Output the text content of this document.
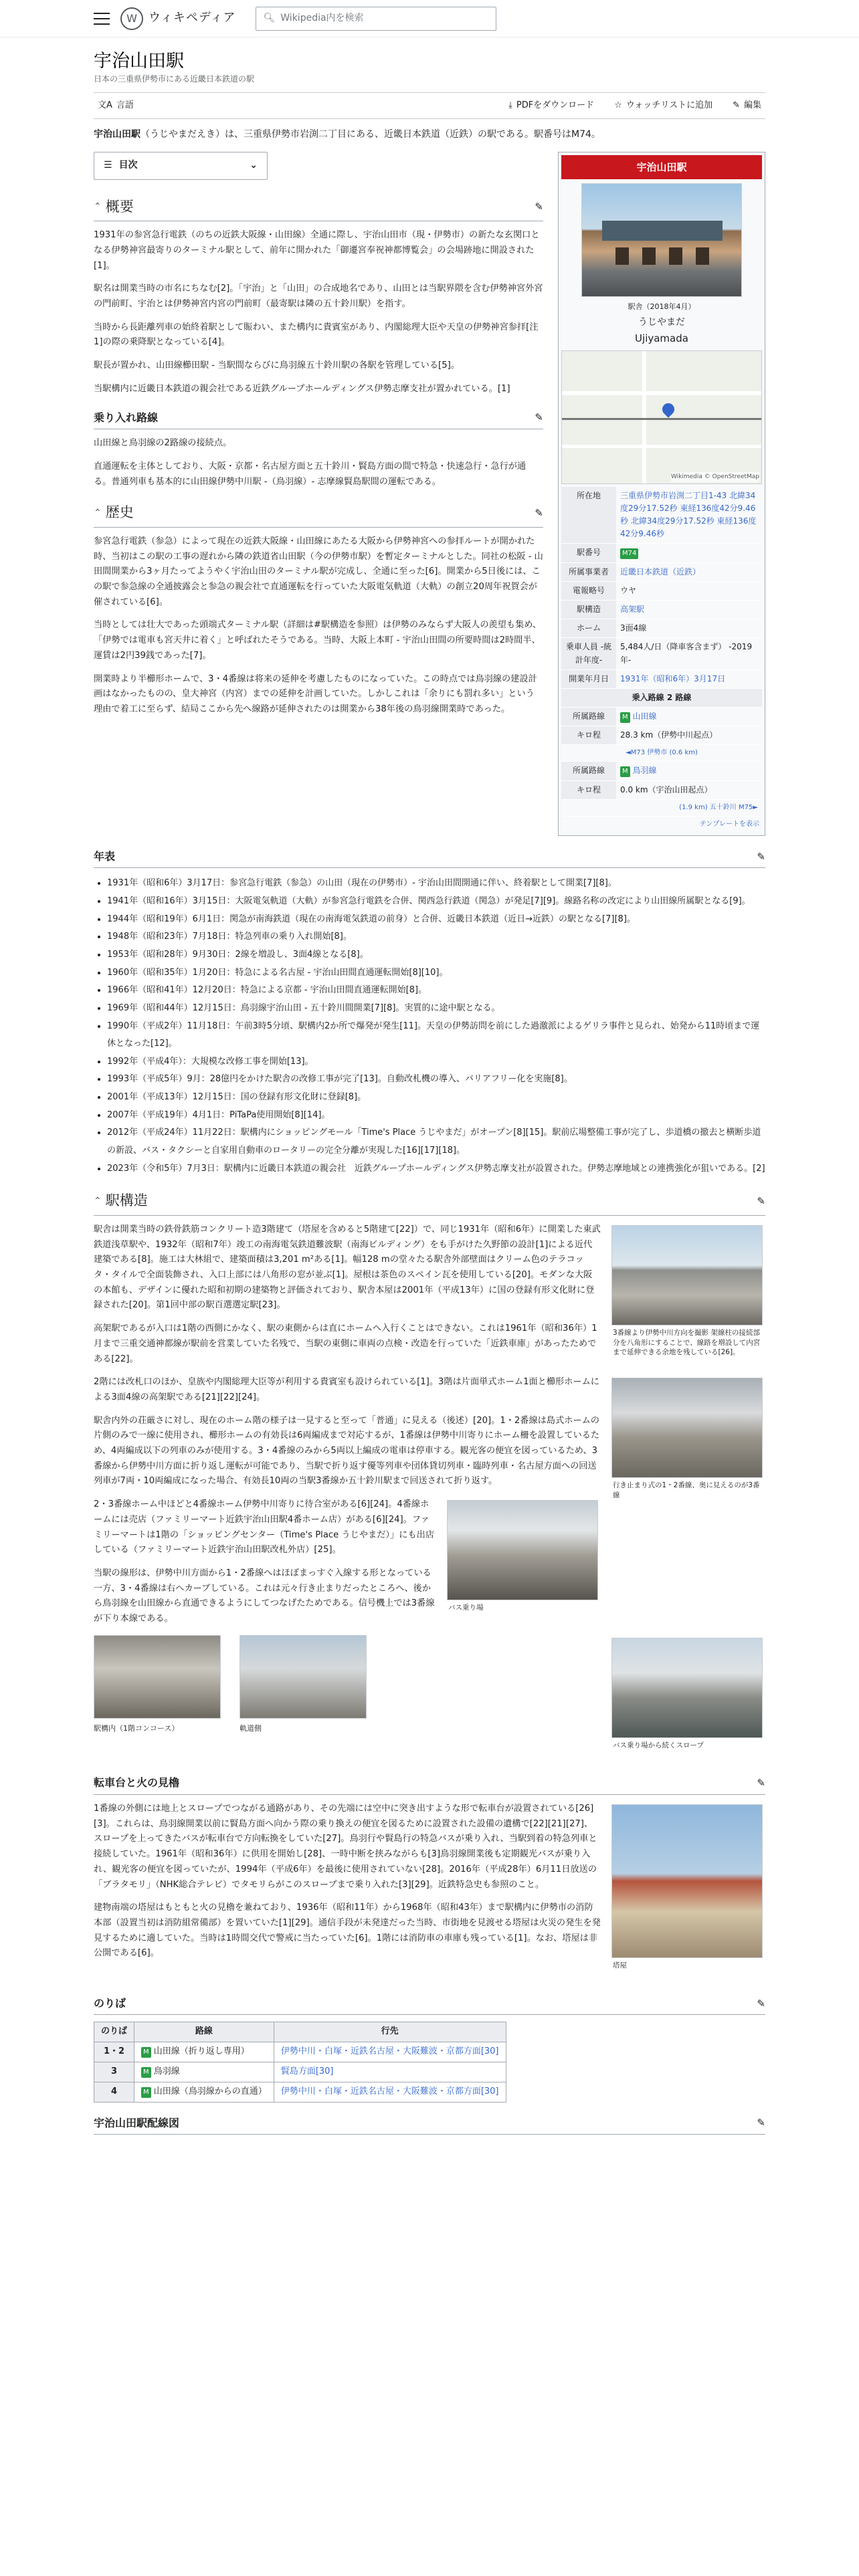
W ウィキペディア	🔍︎ Wikipedia内を検索
宇治山田駅
日本の三重県伊勢市にある近畿日本鉄道の駅
文A 言語	⤓ PDFをダウンロード ☆ ウォッチリストに追加 ✎ 編集

宇治山田駅（うじやまだえき）は、三重県伊勢市岩渕二丁目にある、近畿日本鉄道（近鉄）の駅である。駅番号はM74。

☰ 目次	⌄
⌃ 概要	✎

1931年の参宮急行電鉄（のちの近鉄大阪線・山田線）全通に際し、宇治山田市（現・伊勢市）の新たな玄関口となる伊勢神宮最寄りのターミナル駅として、前年に開かれた「御遷宮奉祝神都博覧会」の会場跡地に開設された[1]。

駅名は開業当時の市名にちなむ[2]。「宇治」と「山田」の合成地名であり、山田とは当駅界隈を含む伊勢神宮外宮の門前町、宇治とは伊勢神宮内宮の門前町（最寄駅は隣の五十鈴川駅）を指す。

当時から長距離列車の始終着駅として賑わい、また構内に貴賓室があり、内閣総理大臣や天皇の伊勢神宮参拝[注 1]の際の乗降駅となっている[4]。

駅長が置かれ、山田線櫛田駅 - 当駅間ならびに鳥羽線五十鈴川駅の各駅を管理している[5]。

当駅構内に近畿日本鉄道の親会社である近鉄グループホールディングス伊勢志摩支社が置かれている。[1]

乗り入れ路線	✎

山田線と鳥羽線の2路線の接続点。

直通運転を主体としており、大阪・京都・名古屋方面と五十鈴川・賢島方面の間で特急・快速急行・急行が通る。普通列車も基本的に山田線伊勢中川駅 -（鳥羽線）- 志摩線賢島駅間の運転である。

⌃ 歴史	✎

参宮急行電鉄（参急）によって現在の近鉄大阪線・山田線にあたる大阪から伊勢神宮への参拝ルートが開かれた時、当初はこの駅の工事の遅れから隣の鉄道省山田駅（今の伊勢市駅）を暫定ターミナルとした。同社の松阪 - 山田間開業から3ヶ月たってようやく宇治山田のターミナル駅が完成し、全通に至った[6]。開業から5日後には、この駅で参急線の全通披露会と参急の親会社で直通運転を行っていた大阪電気軌道（大軌）の創立20周年祝賀会が催されている[6]。

当時としては壮大であった頭端式ターミナル駅（詳細は#駅構造を参照）は伊勢のみならず大阪人の羨望も集め、「伊勢では電車も宮天井に着く」と呼ばれたそうである。当時、大阪上本町 - 宇治山田間の所要時間は2時間半、運賃は2円39銭であった[7]。

開業時より半櫛形ホームで、3・4番線は将来の延伸を考慮したものになっていた。この時点では鳥羽線の建設計画はなかったものの、皇大神宮（内宮）までの延伸を計画していた。しかしこれは「余りにも罰れ多い」という理由で着工に至らず、結局ここから先へ線路が延伸されたのは開業から38年後の鳥羽線開業時であった。

宇治山田駅
駅舎（2018年4月）
うじやまだ
Ujiyamada
Wikimedia © OpenStreetMap
所在地	三重県伊勢市岩渕二丁目1-43 北緯34度29分17.52秒 東経136度42分9.46秒 北緯34度29分17.52秒 東経136度42分9.46秒
駅番号	M74
所属事業者	近畿日本鉄道（近鉄）
電報略号	ウヤ
駅構造	高架駅
ホーム	3面4線
乗車人員 -統計年度-	5,484人/日（降車客含まず） -2019年-
開業年月日	1931年（昭和6年）3月17日
乗入路線 2 路線	
所属路線	M 山田線
キロ程	28.3 km（伊勢中川起点）
◄M73 伊勢市 (0.6 km)	
所属路線	M 鳥羽線
キロ程	0.0 km（宇治山田起点）
(1.9 km) 五十鈴川 M75►	
テンプレートを表示
年表	✎
• 1931年（昭和6年）3月17日：参宮急行電鉄（参急）の山田（現在の伊勢市）- 宇治山田間開通に伴い、終着駅として開業[7][8]。
• 1941年（昭和16年）3月15日：大阪電気軌道（大軌）が参宮急行電鉄を合併、関西急行鉄道（関急）が発足[7][9]。線路名称の改定により山田線所属駅となる[9]。
• 1944年（昭和19年）6月1日：関急が南海鉄道（現在の南海電気鉄道の前身）と合併、近畿日本鉄道（近日→近鉄）の駅となる[7][8]。
• 1948年（昭和23年）7月18日：特急列車の乗り入れ開始[8]。
• 1953年（昭和28年）9月30日：2線を増設し、3面4線となる[8]。
• 1960年（昭和35年）1月20日：特急による名古屋 - 宇治山田間直通運転開始[8][10]。
• 1966年（昭和41年）12月20日：特急による京都 - 宇治山田間直通運転開始[8]。
• 1969年（昭和44年）12月15日：鳥羽線宇治山田 - 五十鈴川間開業[7][8]。実質的に途中駅となる。
• 1990年（平成2年）11月18日：午前3時5分頃、駅構内2か所で爆発が発生[11]。天皇の伊勢訪問を前にした過激派によるゲリラ事件と見られ、始発から11時頃まで運休となった[12]。
• 1992年（平成4年）：大規模な改修工事を開始[13]。
• 1993年（平成5年）9月：28億円をかけた駅舎の改修工事が完了[13]。自動改札機の導入、バリアフリー化を実施[8]。
• 2001年（平成13年）12月15日：国の登録有形文化財に登録[8]。
• 2007年（平成19年）4月1日：PiTaPa使用開始[8][14]。
• 2012年（平成24年）11月22日：駅構内にショッピングモール「Time's Place うじやまだ」がオープン[8][15]。駅前広場整備工事が完了し、歩道橋の撤去と横断歩道の新設、バス・タクシーと自家用自動車のロータリーの完全分離が実現した[16][17][18]。
• 2023年（令和5年）7月3日：駅構内に近畿日本鉄道の親会社　近鉄グループホールディングス伊勢志摩支社が設置された。伊勢志摩地域との連携強化が狙いである。[2]
⌃ 駅構造	✎
3番線より伊勢中川方向を撮影 架線柱の接続部分を八角形にすることで、線路を増設して内宮まで延伸できる余地を残している[26]。

駅舎は開業当時の鉄骨鉄筋コンクリート造3階建て（塔屋を含めると5階建て[22]）で、同じ1931年（昭和6年）に開業した東武鉄道浅草駅や、1932年（昭和7年）竣工の南海電気鉄道難波駅（南海ビルディング）をも手がけた久野節の設計[1]による近代建築である[8]。施工は大林組で、建築面積は3,201 m²ある[1]。幅128 mの堂々たる駅舎外部壁面はクリーム色のテラコッタ・タイルで全面装飾され、入口上部には八角形の窓が並ぶ[1]。屋根は茶色のスペイン瓦を使用している[20]。モダンな大阪の本館も、デザインに優れた昭和初期の建築物と評価されており、駅舎本屋は2001年（平成13年）に国の登録有形文化財に登録された[20]。第1回中部の駅百選選定駅[23]。

高架駅であるが入口は1階の西側にかなく、駅の東側からは直にホームへ入行くことはできない。これは1961年（昭和36年）1月まで三重交通神都線が駅前を営業していた名残で、当駅の東側に車両の点検・改造を行っていた「近鉄車庫」があったためである[22]。

行き止まり式の1・2番線、奥に見えるのが3番線

2階には改札口のほか、皇族や内閣総理大臣等が利用する貴賓室も設けられている[1]。3階は片面単式ホーム1面と櫛形ホームによる3面4線の高架駅である[21][22][24]。

駅舎内外の荘厳さに対し、現在のホーム階の様子は一見すると至って「普通」に見える（後述）[20]。1・2番線は島式ホームの片側のみで一線に使用され、櫛形ホームの有効長は6両編成まで対応するが、1番線は伊勢中川寄りにホーム柵を設置しているため、4両編成以下の列車のみが使用する。3・4番線のみから5両以上編成の電車は停車する。観光客の便宜を図っているため、3番線から伊勢中川方面に折り返し運転が可能であり、当駅で折り返す優等列車や団体貸切列車・臨時列車・名古屋方面への回送列車が7両・10両編成になった場合、有効長10両の当駅3番線か五十鈴川駅まで回送されて折り返す。

バス乗り場

2・3番線ホーム中ほどと4番線ホーム伊勢中川寄りに待合室がある[6][24]。4番線ホームには売店（ファミリーマート近鉄宇治山田駅4番ホーム店）がある[6][24]。ファミリーマートは1階の「ショッピングセンター（Time's Place うじやまだ）」にも出店している（ファミリーマート近鉄宇治山田駅改札外店）[25]。

当駅の線形は、伊勢中川方面から1・2番線へはほぼまっすぐ入線する形となっている一方、3・4番線は右ヘカーブしている。これは元々行き止まりだったところへ、後から鳥羽線を山田線から直通できるようにしてつなげたためである。信号機上では3番線が下り本線である。

バス乗り場から続くスロープ
駅構内（1階コンコース）	軌道側
転車台と火の見櫓	✎
塔屋

1番線の外側には地上とスロープでつながる通路があり、その先端には空中に突き出すような形で転車台が設置されている[26][3]。これらは、鳥羽線開業以前に賢島方面へ向かう際の乗り換えの便宜を図るために設置された設備の遺構で[22][21][27]、スロープを上ってきたバスが転車台で方向転換をしていた[27]。鳥羽行や賢島行の特急バスが乗り入れ、当駅到着の特急列車と接続していた。1961年（昭和36年）に供用を開始し[28]、一時中断を挟みながらも[3]鳥羽線開業後も定期観光バスが乗り入れ、観光客の便宜を図っていたが、1994年（平成6年）を最後に使用されていない[28]。2016年（平成28年）6月11日放送の「ブラタモリ」（NHK総合テレビ）でタモリらがこのスロープまで乗り入れた[3][29]。近鉄特急史も参照のこと。

建物南端の塔屋はもともと火の見櫓を兼ねており、1936年（昭和11年）から1968年（昭和43年）まで駅構内に伊勢市の消防本部（設置当初は消防組常備部）を置いていた[1][29]。通信手段が未発達だった当時、市街地を見渡せる塔屋は火災の発生を発見するために適していた。当時は1時間交代で警戒に当たっていた[6]。1階には消防車の車庫も残っている[1]。なお、塔屋は非公開である[6]。

のりば	✎
のりば	路線	行先
1・2	M 山田線（折り返し専用）	伊勢中川・白塚・近鉄名古屋・大阪難波・京都方面[30]
3	M 鳥羽線	賢島方面[30]
4	M 山田線（鳥羽線からの直通）	伊勢中川・白塚・近鉄名古屋・大阪難波・京都方面[30]
宇治山田駅配線図	✎
